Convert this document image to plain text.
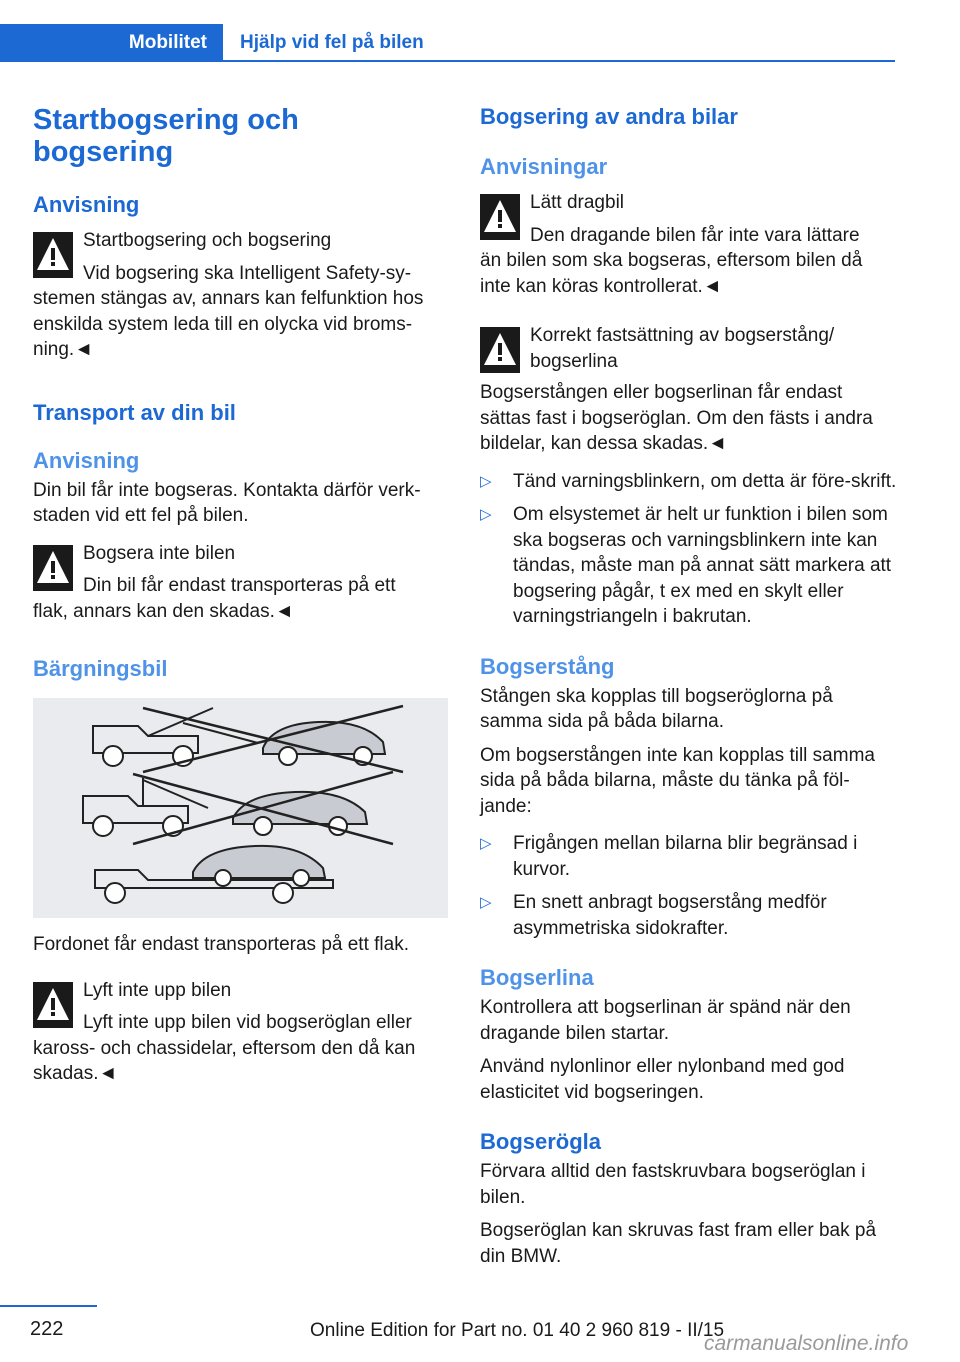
Mobilitet Hjälp vid fel på bilen
Startbogsering och bogsering
Anvisning

Startbogsering och bogsering

Vid bogsering ska Intelligent Safety-sy-

stemen stängas av, annars kan felfunktion hos enskilda system leda till en olycka vid broms-ning.◄

Transport av din bil
Anvisning

Din bil får inte bogseras. Kontakta därför verk-staden vid ett fel på bilen.

Bogsera inte bilen

Din bil får endast transporteras på ett

flak, annars kan den skadas.◄

Bärgningsbil

Fordonet får endast transporteras på ett flak.

Lyft inte upp bilen

Lyft inte upp bilen vid bogseröglan eller

kaross- och chassidelar, eftersom den då kan skadas.◄

Bogsering av andra bilar
Anvisningar

Lätt dragbil

Den dragande bilen får inte vara lättare

än bilen som ska bogseras, eftersom bilen då inte kan köras kontrollerat.◄

Korrekt fastsättning av bogserstång/

bogserlina

Bogserstången eller bogserlinan får endast sättas fast i bogseröglan. Om den fästs i andra bildelar, kan dessa skadas.◄

▷ Tänd varningsblinkern, om detta är före-skrift.

▷ Om elsystemet är helt ur funktion i bilen som ska bogseras och varningsblinkern inte kan tändas, måste man på annat sätt markera att bogsering pågår, t ex med en skylt eller varningstriangeln i bakrutan.

Bogserstång

Stången ska kopplas till bogseröglorna på samma sida på båda bilarna.

Om bogserstången inte kan kopplas till samma sida på båda bilarna, måste du tänka på föl-jande:

▷ Frigången mellan bilarna blir begränsad i kurvor.

▷ En snett anbragt bogserstång medför asymmetriska sidokrafter.

Bogserlina

Kontrollera att bogserlinan är spänd när den dragande bilen startar.

Använd nylonlinor eller nylonband med god elasticitet vid bogseringen.

Bogserögla

Förvara alltid den fastskruvbara bogseröglan i bilen.

Bogseröglan kan skruvas fast fram eller bak på din BMW.

222	Online Edition for Part no. 01 40 2 960 819 - II/15
carmanualsonline.info
